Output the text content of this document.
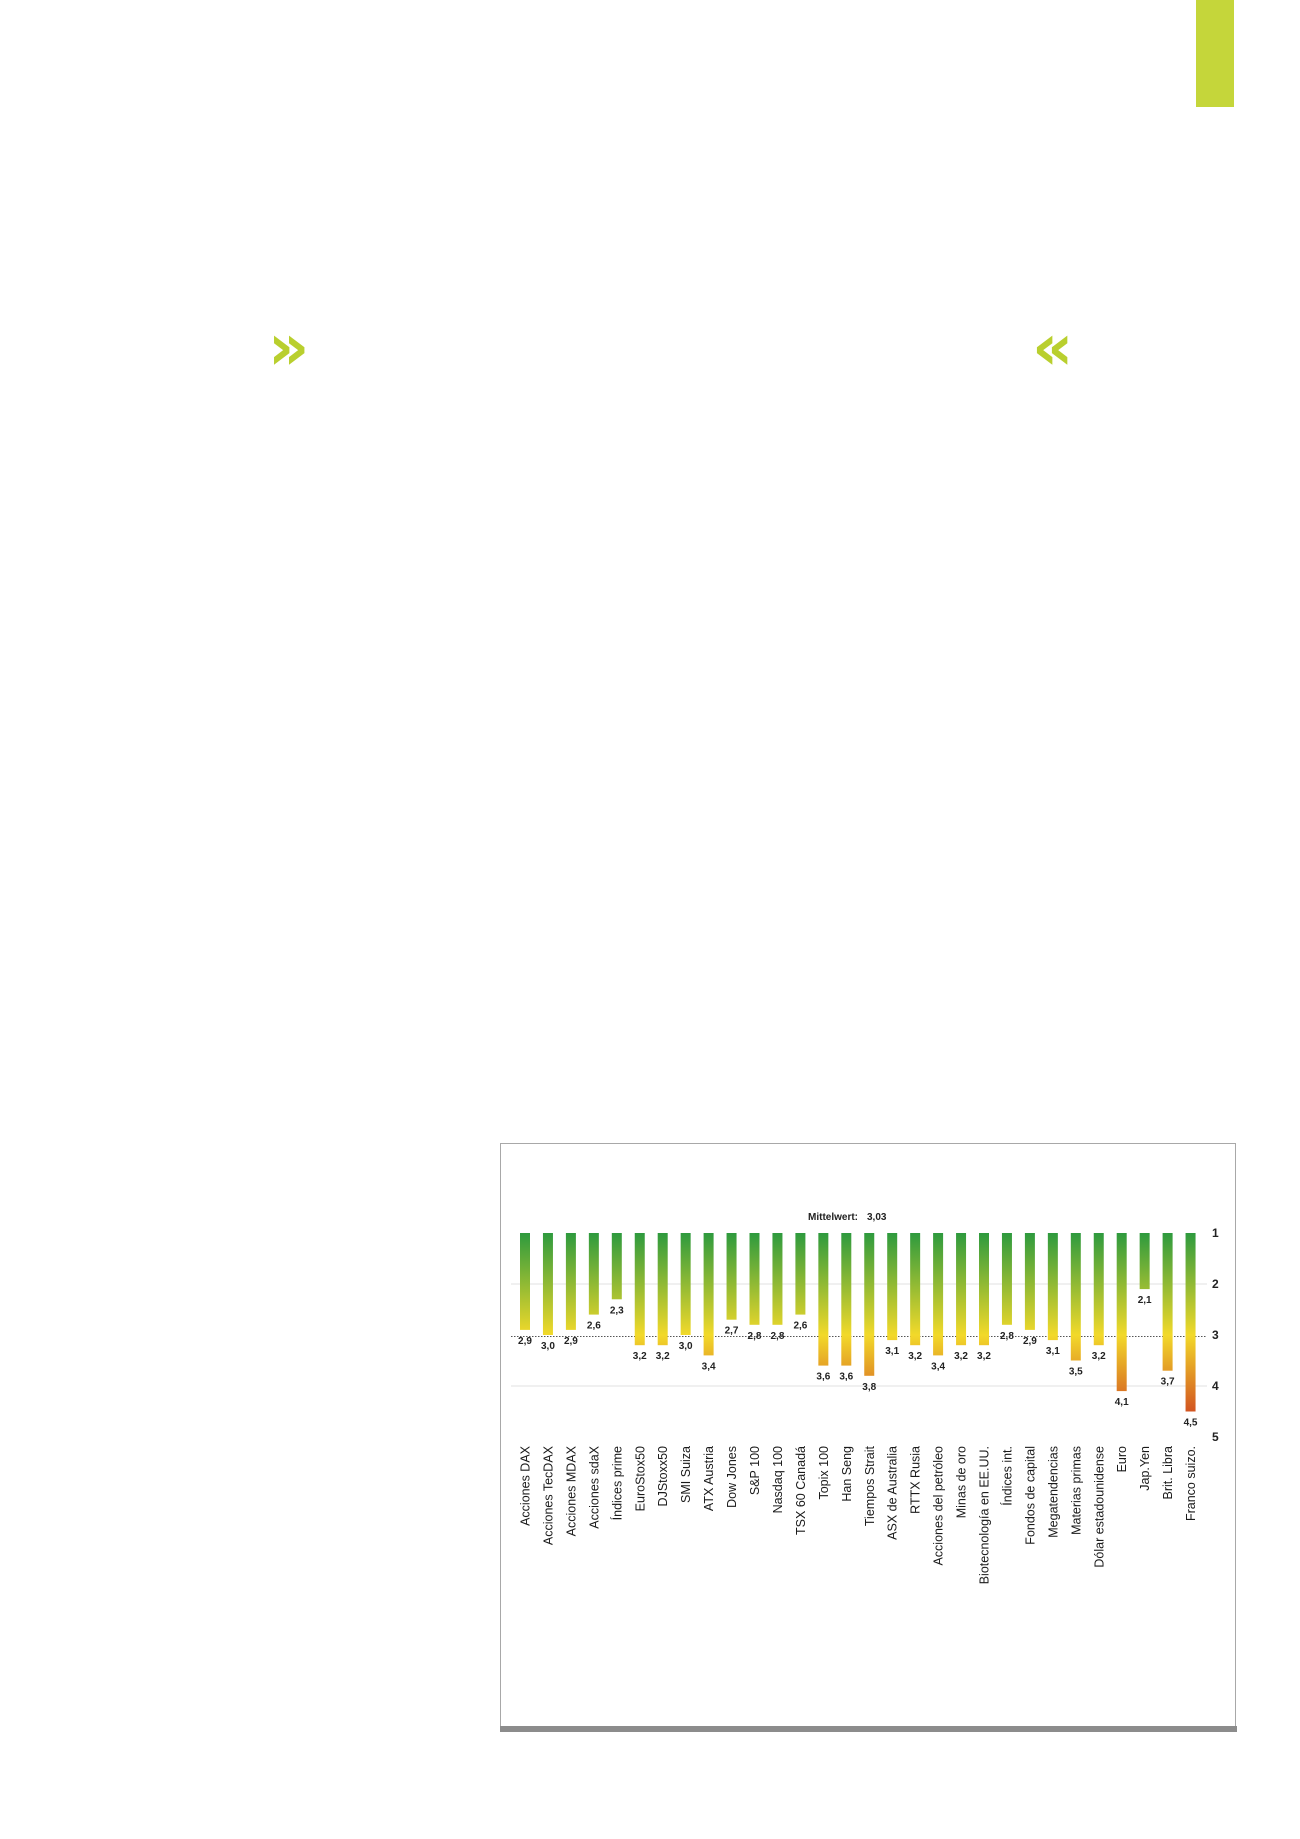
»	«
2,9 3,0 2,9
2,6
2,3
3,2 3,2
3,0
3,4
2,7 2,8 2,8
2,6
3,6 3,6
3,8
3,1 3,2
3,4
3,2 3,2
2,8 2,9
3,1
3,5
3,2
4,1
2,1
3,7
4,5
1
2
3
4
5
Acciones DAX Acciones TecDAX Acciones MDAX Acciones sdaX Índices prime EuroStox50 DJStoxx50 SMI Suiza ATX Austria Dow Jones S&P 100 Nasdaq 100 TSX 60 Canadá Topix 100 Han Seng Tiempos Strait ASX de Australia RTTX Rusia Acciones del petróleo Minas de oro Biotecnología en EE.UU. Índices int. Fondos de capital Megatendencias Materias primas Dólar estadounidense Euro Jap.Yen Brit. Libra Franco suizo.
Mittelwert: 3,03
